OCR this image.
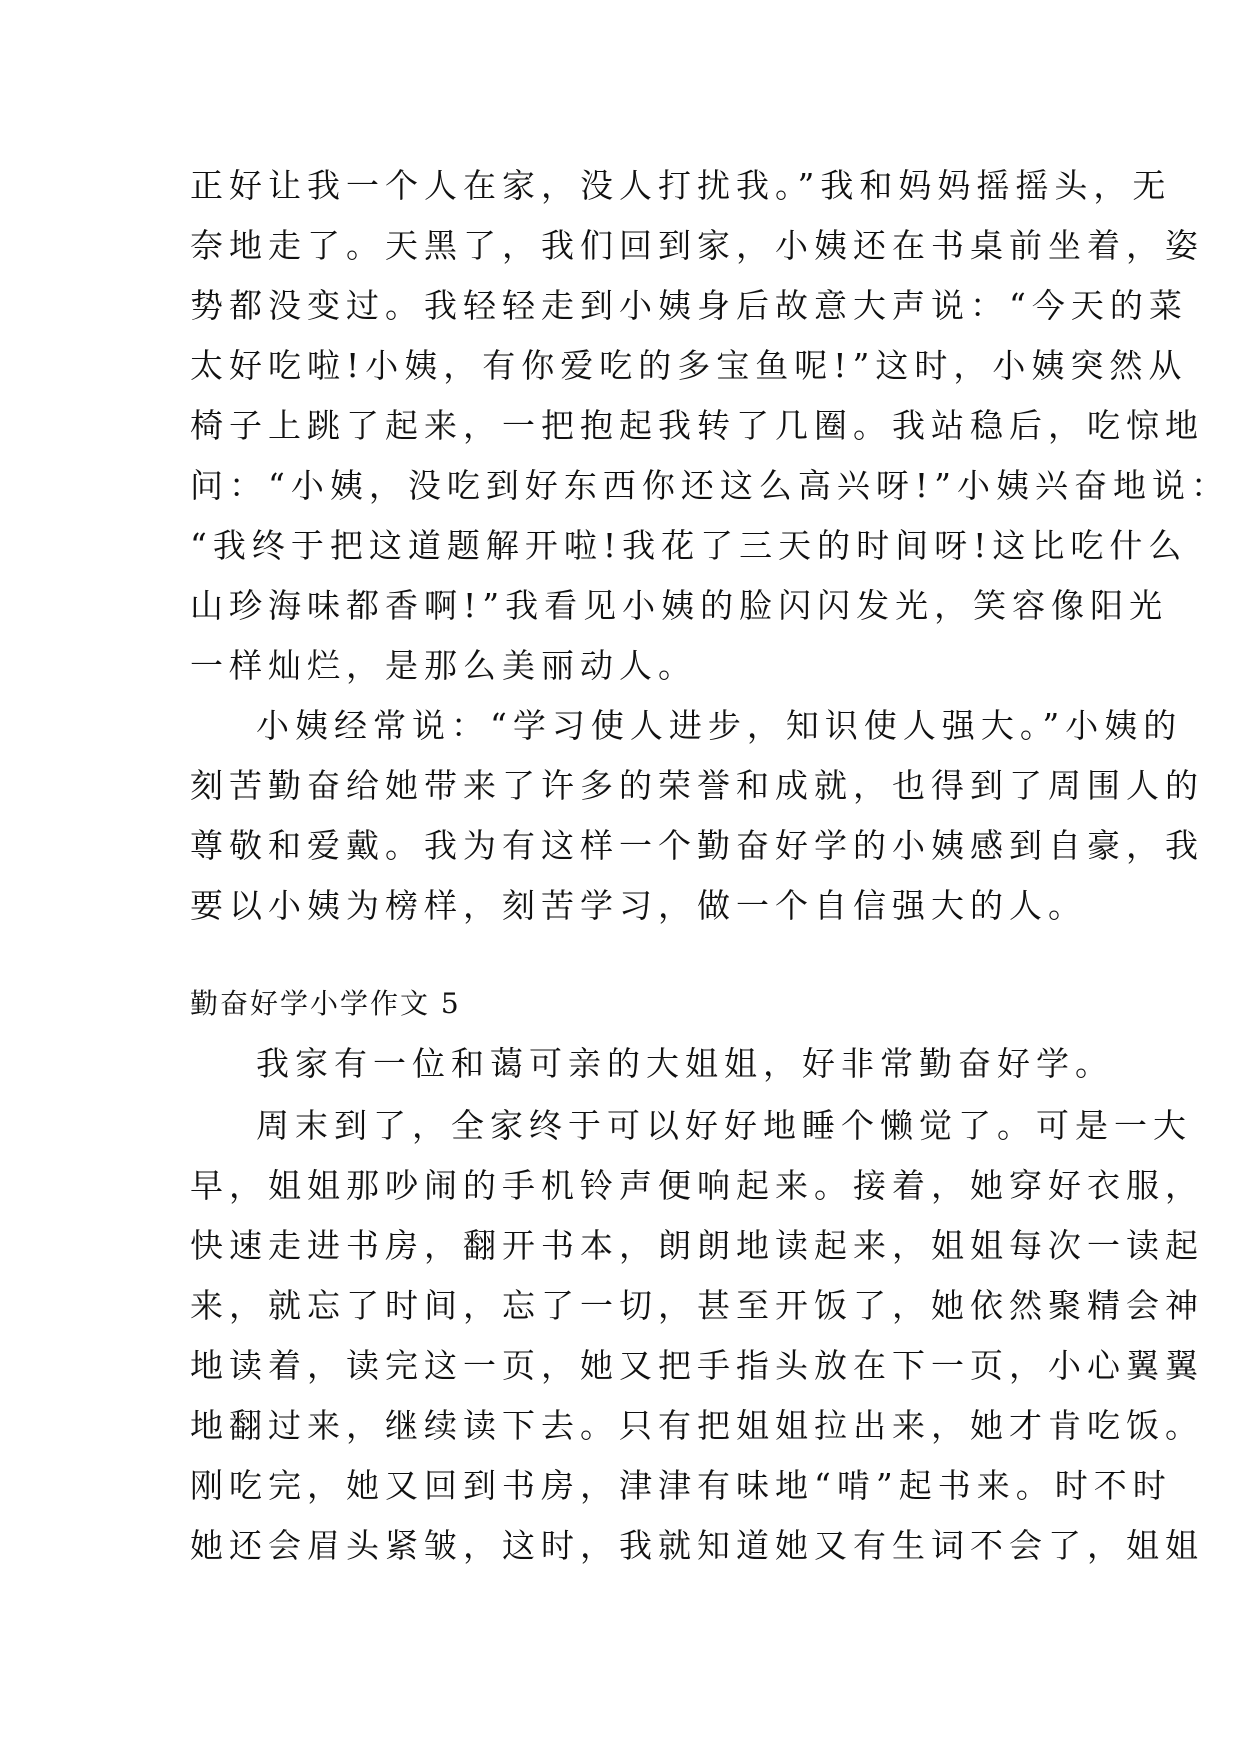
正好让我一个人在家，没人打扰我。”我和妈妈摇摇头，无
奈地走了。天黑了，我们回到家，小姨还在书桌前坐着，姿
势都没变过。我轻轻走到小姨身后故意大声说：“今天的菜
太好吃啦!小姨，有你爱吃的多宝鱼呢!”这时，小姨突然从
椅子上跳了起来，一把抱起我转了几圈。我站稳后，吃惊地
问：“小姨，没吃到好东西你还这么高兴呀!”小姨兴奋地说：
“我终于把这道题解开啦!我花了三天的时间呀!这比吃什么
山珍海味都香啊!”我看见小姨的脸闪闪发光，笑容像阳光
一样灿烂，是那么美丽动人。
小姨经常说：“学习使人进步，知识使人强大。”小姨的
刻苦勤奋给她带来了许多的荣誉和成就，也得到了周围人的
尊敬和爱戴。我为有这样一个勤奋好学的小姨感到自豪，我
要以小姨为榜样，刻苦学习，做一个自信强大的人。
勤奋好学小学作文 5
我家有一位和蔼可亲的大姐姐，好非常勤奋好学。
周末到了，全家终于可以好好地睡个懒觉了。可是一大
早，姐姐那吵闹的手机铃声便响起来。接着，她穿好衣服，
快速走进书房，翻开书本，朗朗地读起来，姐姐每次一读起
来，就忘了时间，忘了一切，甚至开饭了，她依然聚精会神
地读着，读完这一页，她又把手指头放在下一页，小心翼翼
地翻过来，继续读下去。只有把姐姐拉出来，她才肯吃饭。
刚吃完，她又回到书房，津津有味地“啃”起书来。时不时
她还会眉头紧皱，这时，我就知道她又有生词不会了，姐姐
